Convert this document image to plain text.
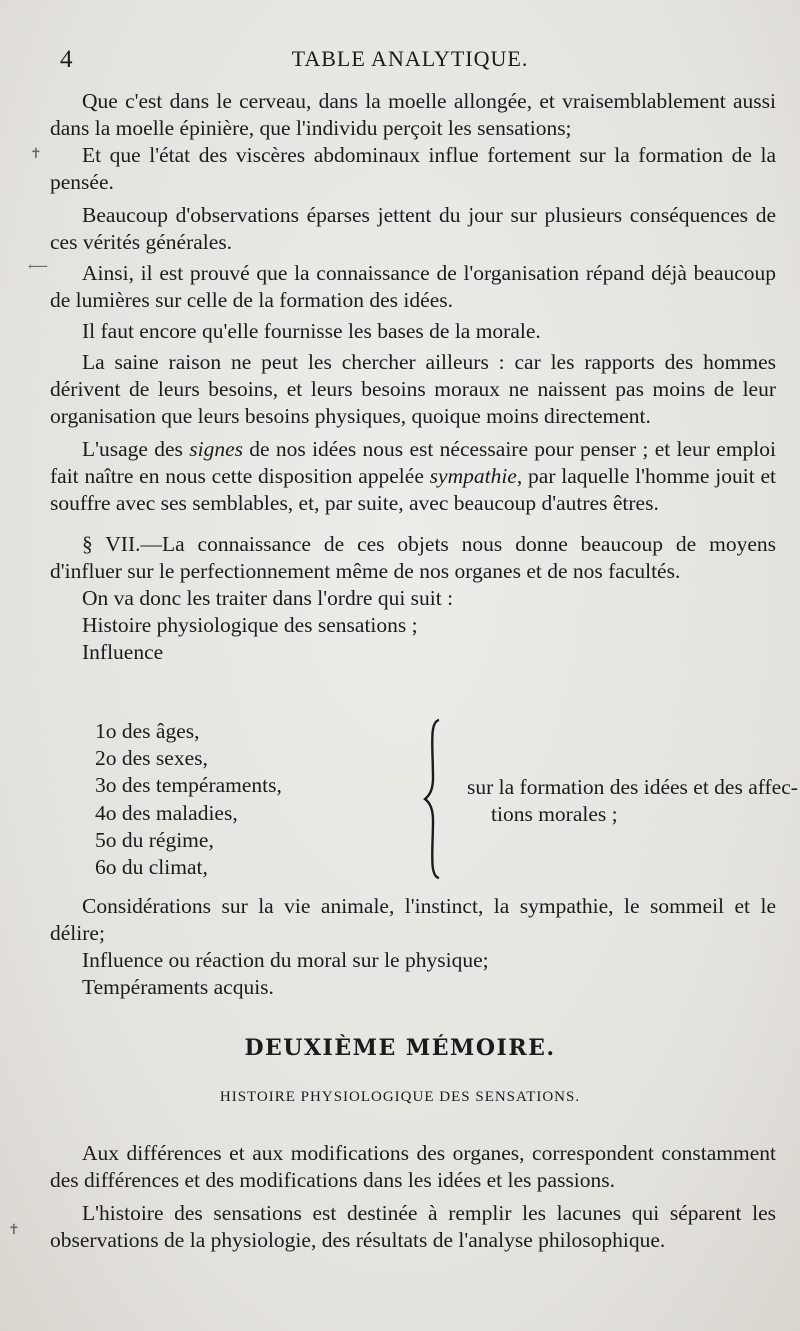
4	TABLE ANALYTIQUE.
✝
⟵
✝

Que c'est dans le cerveau, dans la moelle allongée, et vraisemblablement aussi dans la moelle épinière, que l'individu perçoit les sensations;

Et que l'état des viscères abdominaux influe fortement sur la formation de la pensée.

Beaucoup d'observations éparses jettent du jour sur plusieurs conséquences de ces vérités générales.

Ainsi, il est prouvé que la connaissance de l'organisation répand déjà beaucoup de lumières sur celle de la formation des idées.

Il faut encore qu'elle fournisse les bases de la morale.

La saine raison ne peut les chercher ailleurs : car les rapports des hommes dérivent de leurs besoins, et leurs besoins moraux ne naissent pas moins de leur organisation que leurs besoins physiques, quoique moins directement.

L'usage des signes de nos idées nous est nécessaire pour penser ; et leur emploi fait naître en nous cette disposition appelée sympathie, par laquelle l'homme jouit et souffre avec ses semblables, et, par suite, avec beaucoup d'autres êtres.

§ VII.—La connaissance de ces objets nous donne beaucoup de moyens d'influer sur le perfectionnement même de nos organes et de nos facultés.

On va donc les traiter dans l'ordre qui suit :

Histoire physiologique des sensations ;

Influence

1o des âges,
2o des sexes,
3o des tempéraments,
4o des maladies,
5o du régime,
6o du climat,
sur la formation des idées et des affec-
tions morales ;

Considérations sur la vie animale, l'instinct, la sympathie, le sommeil et le délire;

Influence ou réaction du moral sur le physique;

Tempéraments acquis.

DEUXIÈME MÉMOIRE.
HISTOIRE PHYSIOLOGIQUE DES SENSATIONS.

Aux différences et aux modifications des organes, correspondent constamment des différences et des modifications dans les idées et les passions.

L'histoire des sensations est destinée à remplir les lacunes qui séparent les observations de la physiologie, des résultats de l'analyse philosophique.
